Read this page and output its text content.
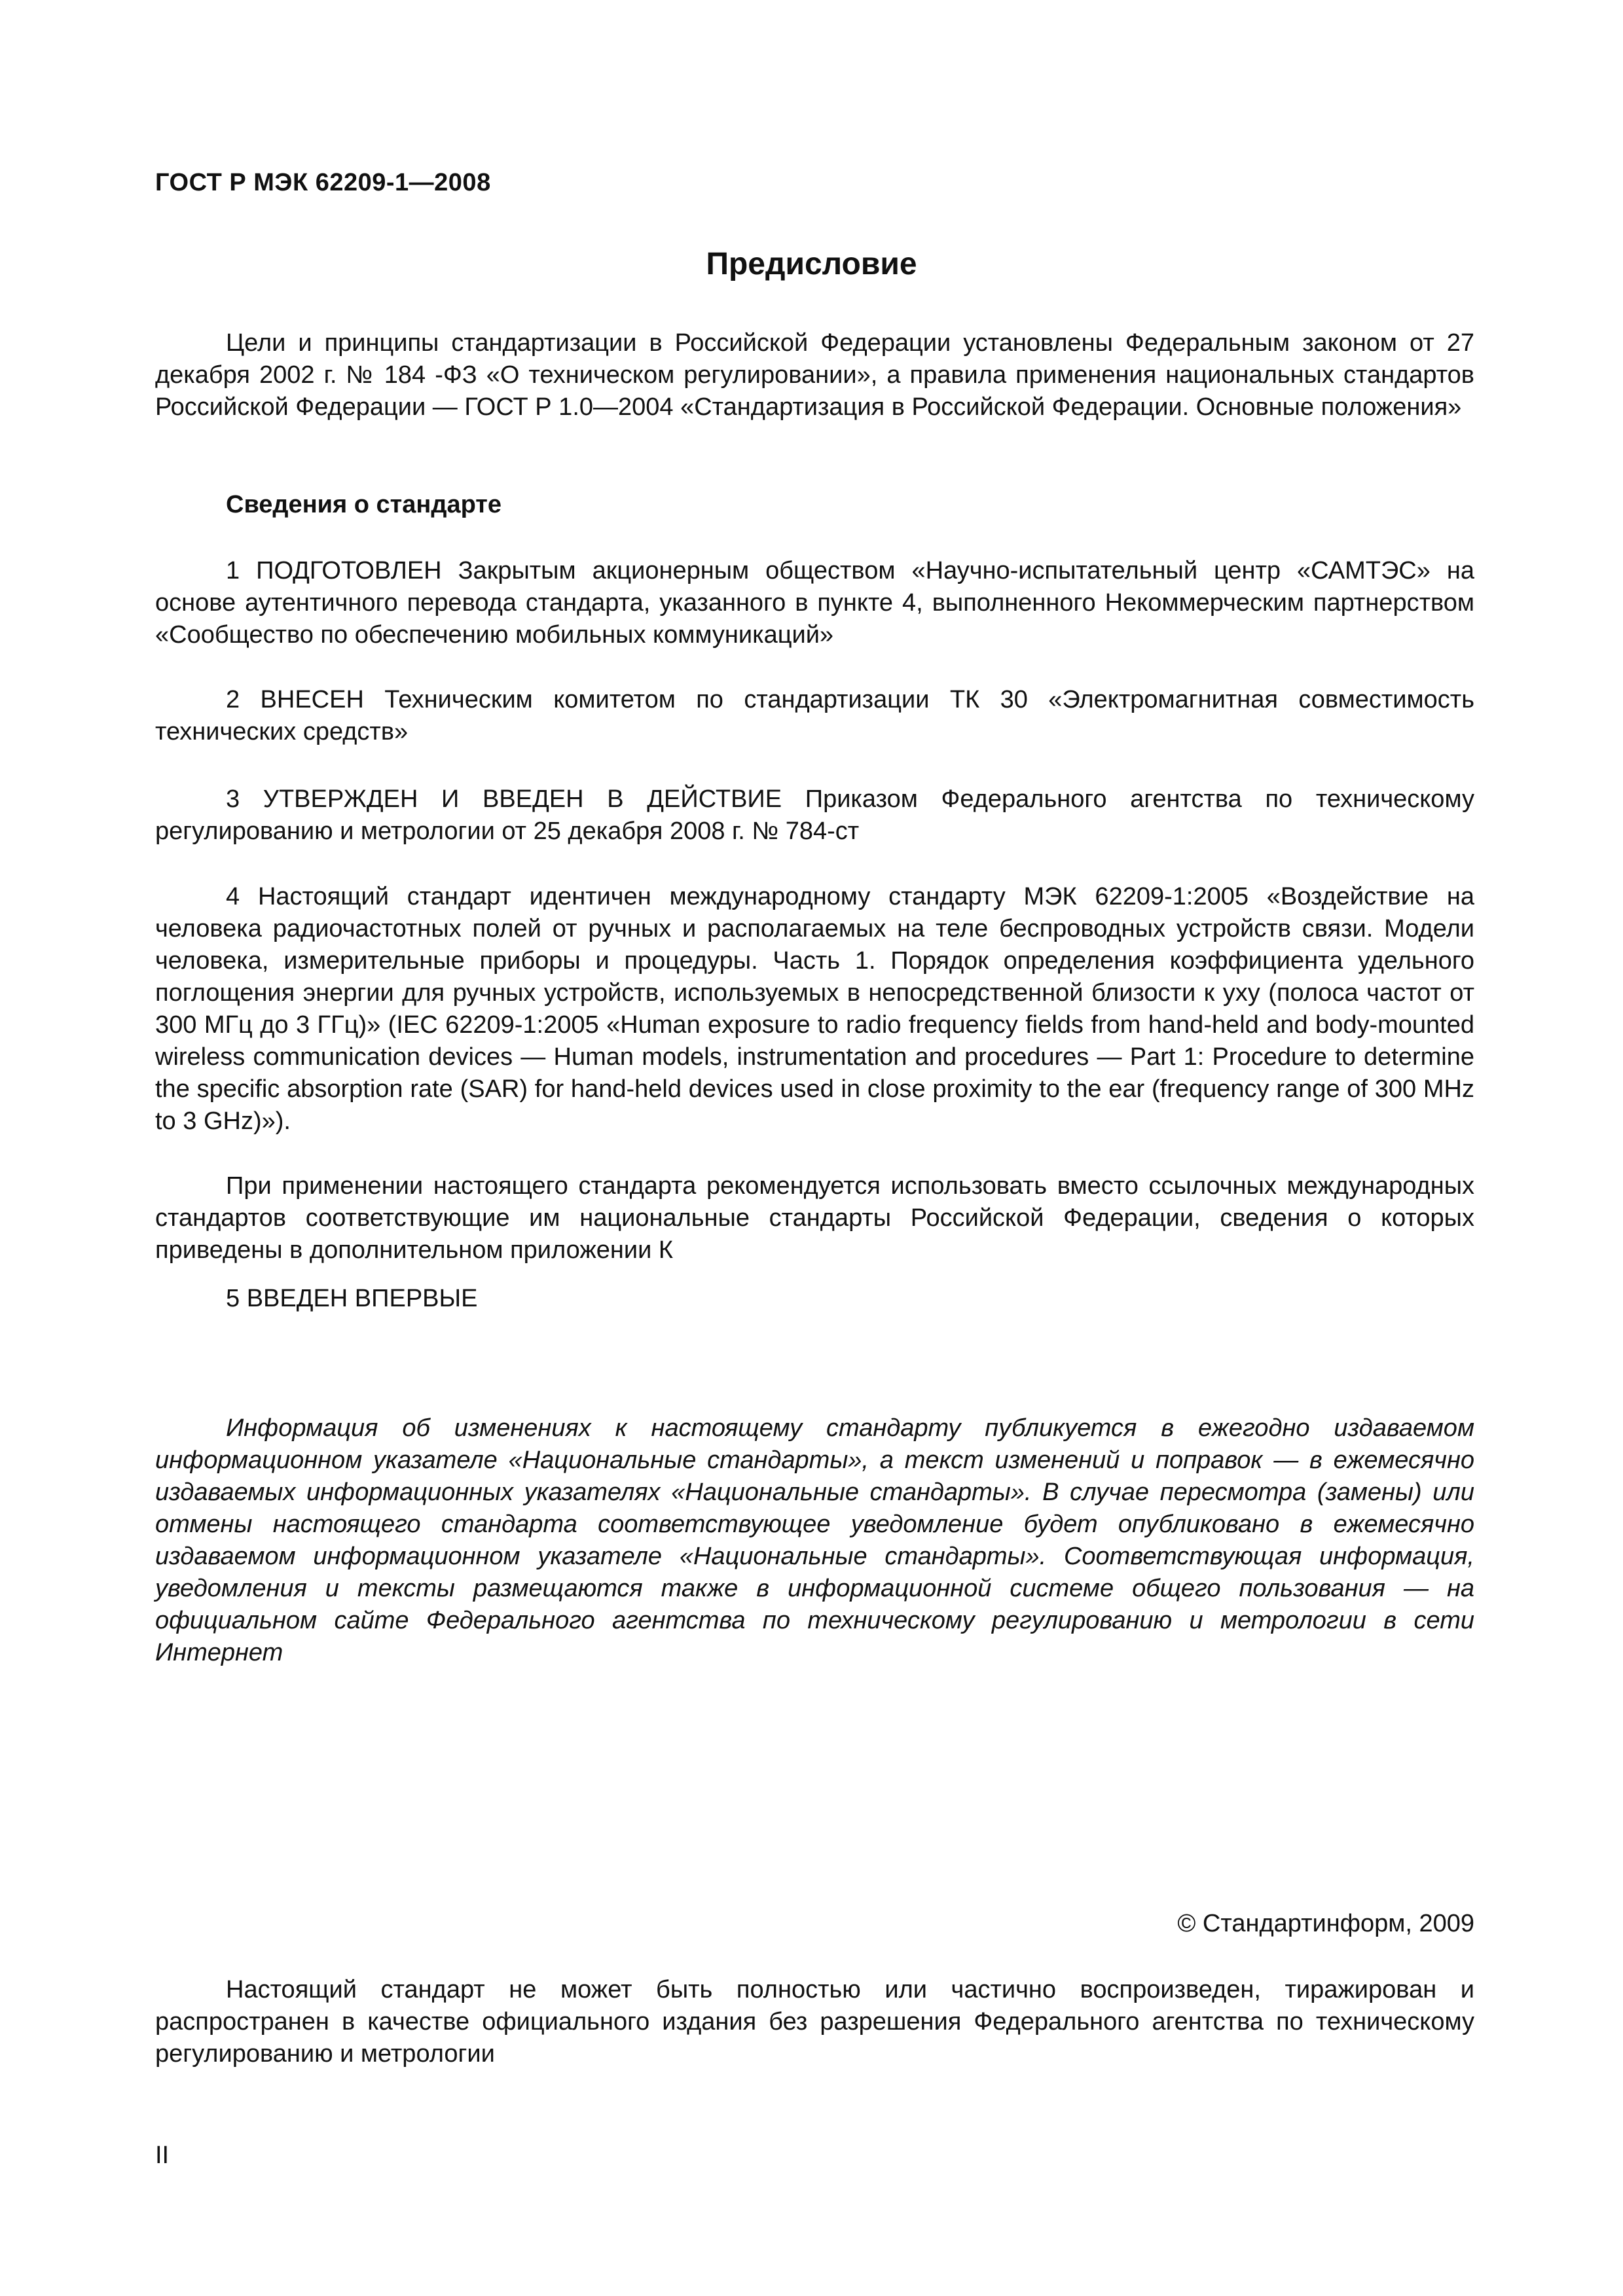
ГОСТ Р МЭК 62209-1—2008

Предисловие

Цели и принципы стандартизации в Российской Федерации установлены Федеральным законом от 27 декабря 2002 г. № 184 -ФЗ «О техническом регулировании», а правила применения национальных стандартов Российской Федерации — ГОСТ Р 1.0—2004 «Стандартизация в Российской Федерации. Основные положения»

Сведения о стандарте

1 ПОДГОТОВЛЕН Закрытым акционерным обществом «Научно-испытательный центр «САМТЭС» на основе аутентичного перевода стандарта, указанного в пункте 4, выполненного Некоммерческим партнерством «Сообщество по обеспечению мобильных коммуникаций»

2 ВНЕСЕН Техническим комитетом по стандартизации ТК 30 «Электромагнитная совместимость технических средств»

3 УТВЕРЖДЕН И ВВЕДЕН В ДЕЙСТВИЕ Приказом Федерального агентства по техническому регулированию и метрологии от 25 декабря 2008 г. № 784-ст

4 Настоящий стандарт идентичен международному стандарту МЭК 62209-1:2005 «Воздействие на человека радиочастотных полей от ручных и располагаемых на теле беспроводных устройств связи. Модели человека, измерительные приборы и процедуры. Часть 1. Порядок определения коэффициента удельного поглощения энергии для ручных устройств, используемых в непосредственной близости к уху (полоса частот от 300 МГц до 3 ГГц)» (IEC 62209-1:2005 «Human exposure to radio frequency fields from hand-held and body-mounted wireless communication devices — Human models, instrumentation and procedures — Part 1: Procedure to determine the specific absorption rate (SAR) for hand-held devices used in close proximity to the ear (frequency range of 300 MHz to 3 GHz)»).

При применении настоящего стандарта рекомендуется использовать вместо ссылочных международных стандартов соответствующие им национальные стандарты Российской Федерации, сведения о которых приведены в дополнительном приложении К

5 ВВЕДЕН ВПЕРВЫЕ

Информация об изменениях к настоящему стандарту публикуется в ежегодно издаваемом информационном указателе «Национальные стандарты», а текст изменений и поправок — в ежемесячно издаваемых информационных указателях «Национальные стандарты». В случае пересмотра (замены) или отмены настоящего стандарта соответствующее уведомление будет опубликовано в ежемесячно издаваемом информационном указателе «Национальные стандарты». Соответствующая информация, уведомления и тексты размещаются также в информационной системе общего пользования — на официальном сайте Федерального агентства по техническому регулированию и метрологии в сети Интернет

© Стандартинформ, 2009

Настоящий стандарт не может быть полностью или частично воспроизведен, тиражирован и распространен в качестве официального издания без разрешения Федерального агентства по техническому регулированию и метрологии

II
